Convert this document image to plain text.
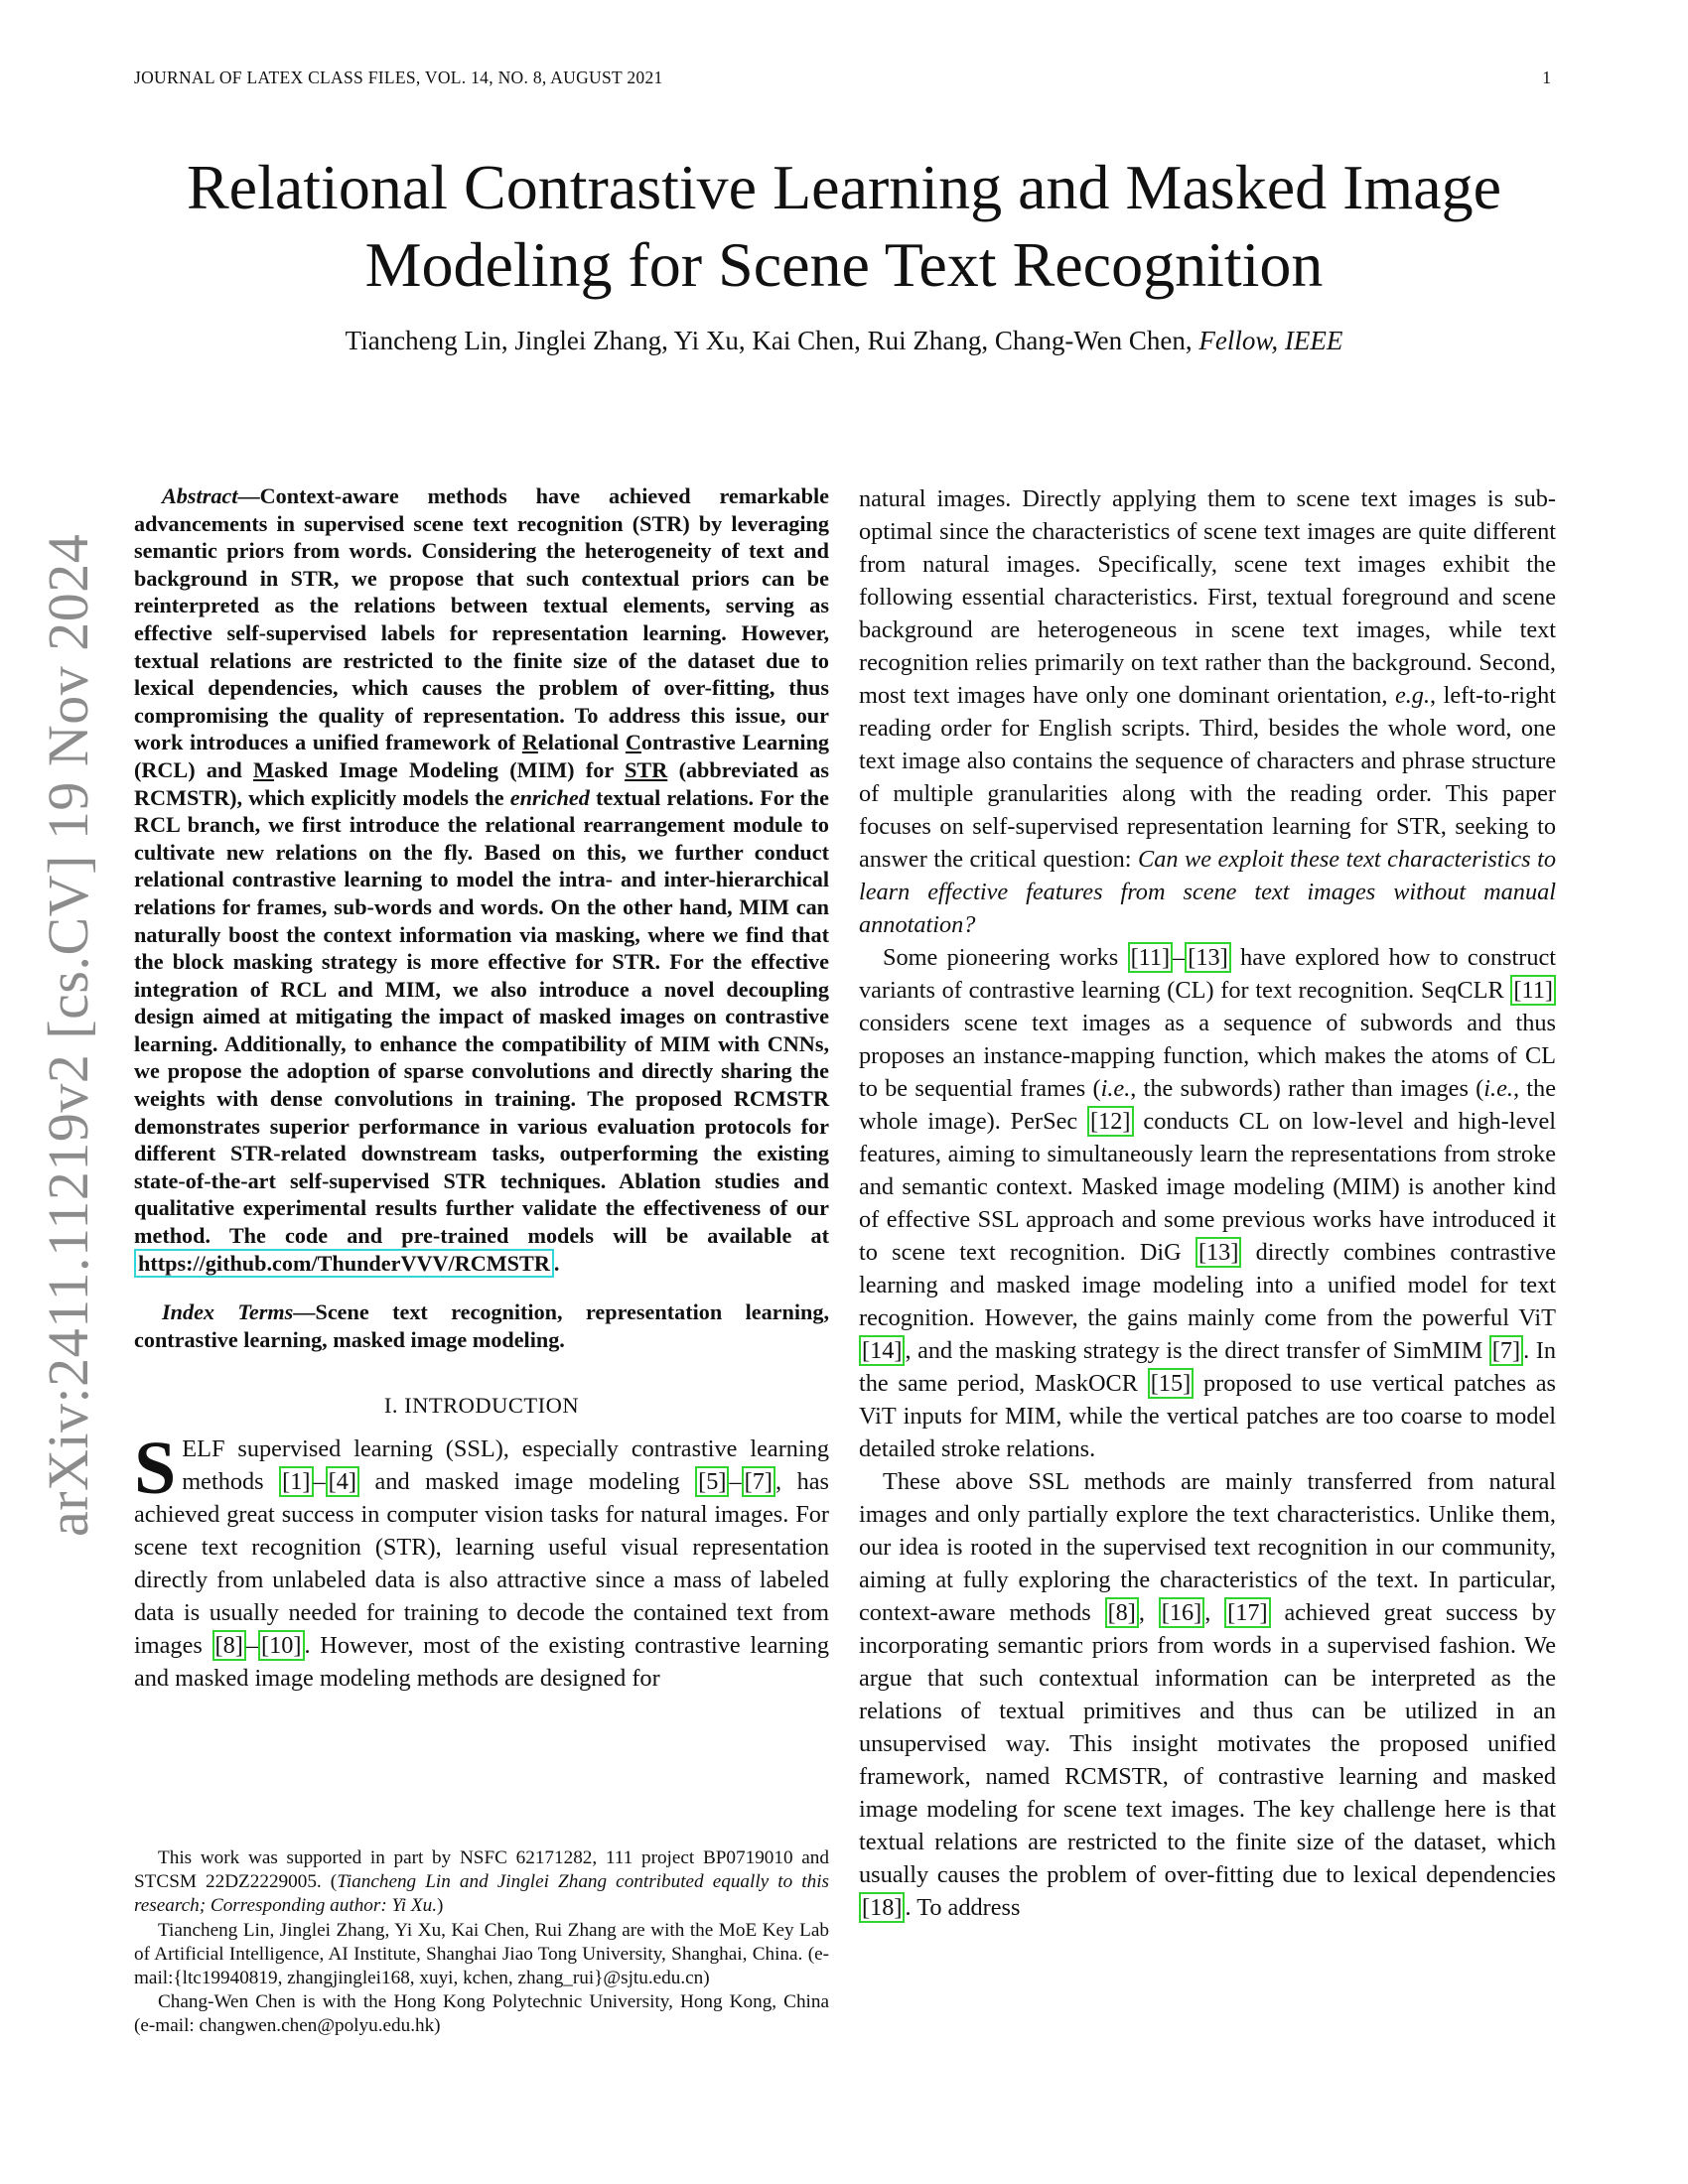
JOURNAL OF LATEX CLASS FILES, VOL. 14, NO. 8, AUGUST 2021	1
arXiv:2411.11219v2 [cs.CV] 19 Nov 2024
Relational Contrastive Learning and Masked Image Modeling for Scene Text Recognition
Tiancheng Lin, Jinglei Zhang, Yi Xu, Kai Chen, Rui Zhang, Chang-Wen Chen, Fellow, IEEE

Abstract—Context-aware methods have achieved remarkable advancements in supervised scene text recognition (STR) by leveraging semantic priors from words. Considering the heterogeneity of text and background in STR, we propose that such contextual priors can be reinterpreted as the relations between textual elements, serving as effective self-supervised labels for representation learning. However, textual relations are restricted to the finite size of the dataset due to lexical dependencies, which causes the problem of over-fitting, thus compromising the quality of representation. To address this issue, our work introduces a unified framework of Relational Contrastive Learning (RCL) and Masked Image Modeling (MIM) for STR (abbreviated as RCMSTR), which explicitly models the enriched textual relations. For the RCL branch, we first introduce the relational rearrangement module to cultivate new relations on the fly. Based on this, we further conduct relational contrastive learning to model the intra- and inter-hierarchical relations for frames, sub-words and words. On the other hand, MIM can naturally boost the context information via masking, where we find that the block masking strategy is more effective for STR. For the effective integration of RCL and MIM, we also introduce a novel decoupling design aimed at mitigating the impact of masked images on contrastive learning. Additionally, to enhance the compatibility of MIM with CNNs, we propose the adoption of sparse convolutions and directly sharing the weights with dense convolutions in training. The proposed RCMSTR demonstrates superior performance in various evaluation protocols for different STR-related downstream tasks, outperforming the existing state-of-the-art self-supervised STR techniques. Ablation studies and qualitative experimental results further validate the effectiveness of our method. The code and pre-trained models will be available at https://github.com/ThunderVVV/RCMSTR .

Index Terms—Scene text recognition, representation learning, contrastive learning, masked image modeling.

I. INTRODUCTION

SELF supervised learning (SSL), especially contrastive learning methods [1] – [4] and masked image modeling [5] – [7] , has achieved great success in computer vision tasks for natural images. For scene text recognition (STR), learning useful visual representation directly from unlabeled data is also attractive since a mass of labeled data is usually needed for training to decode the contained text from images [8] – [10] . However, most of the existing contrastive learning and masked image modeling methods are designed for

This work was supported in part by NSFC 62171282, 111 project BP0719010 and STCSM 22DZ2229005. (Tiancheng Lin and Jinglei Zhang contributed equally to this research; Corresponding author: Yi Xu.)

Tiancheng Lin, Jinglei Zhang, Yi Xu, Kai Chen, Rui Zhang are with the MoE Key Lab of Artificial Intelligence, AI Institute, Shanghai Jiao Tong University, Shanghai, China. (e-mail:{ltc19940819, zhangjinglei168, xuyi, kchen, zhang_rui}@sjtu.edu.cn)

Chang-Wen Chen is with the Hong Kong Polytechnic University, Hong Kong, China (e-mail: changwen.chen@polyu.edu.hk)

natural images. Directly applying them to scene text images is sub-optimal since the characteristics of scene text images are quite different from natural images. Specifically, scene text images exhibit the following essential characteristics. First, textual foreground and scene background are heterogeneous in scene text images, while text recognition relies primarily on text rather than the background. Second, most text images have only one dominant orientation, e.g., left-to-right reading order for English scripts. Third, besides the whole word, one text image also contains the sequence of characters and phrase structure of multiple granularities along with the reading order. This paper focuses on self-supervised representation learning for STR, seeking to answer the critical question: Can we exploit these text characteristics to learn effective features from scene text images without manual annotation?

Some pioneering works [11] – [13] have explored how to construct variants of contrastive learning (CL) for text recognition. SeqCLR [11] considers scene text images as a sequence of subwords and thus proposes an instance-mapping function, which makes the atoms of CL to be sequential frames (i.e., the subwords) rather than images (i.e., the whole image). PerSec [12] conducts CL on low-level and high-level features, aiming to simultaneously learn the representations from stroke and semantic context. Masked image modeling (MIM) is another kind of effective SSL approach and some previous works have introduced it to scene text recognition. DiG [13] directly combines contrastive learning and masked image modeling into a unified model for text recognition. However, the gains mainly come from the powerful ViT [14] , and the masking strategy is the direct transfer of SimMIM [7] . In the same period, MaskOCR [15] proposed to use vertical patches as ViT inputs for MIM, while the vertical patches are too coarse to model detailed stroke relations.

These above SSL methods are mainly transferred from natural images and only partially explore the text characteristics. Unlike them, our idea is rooted in the supervised text recognition in our community, aiming at fully exploring the characteristics of the text. In particular, context-aware methods [8] , [16] , [17] achieved great success by incorporating semantic priors from words in a supervised fashion. We argue that such contextual information can be interpreted as the relations of textual primitives and thus can be utilized in an unsupervised way. This insight motivates the proposed unified framework, named RCMSTR, of contrastive learning and masked image modeling for scene text images. The key challenge here is that textual relations are restricted to the finite size of the dataset, which usually causes the problem of over-fitting due to lexical dependencies [18] . To address
